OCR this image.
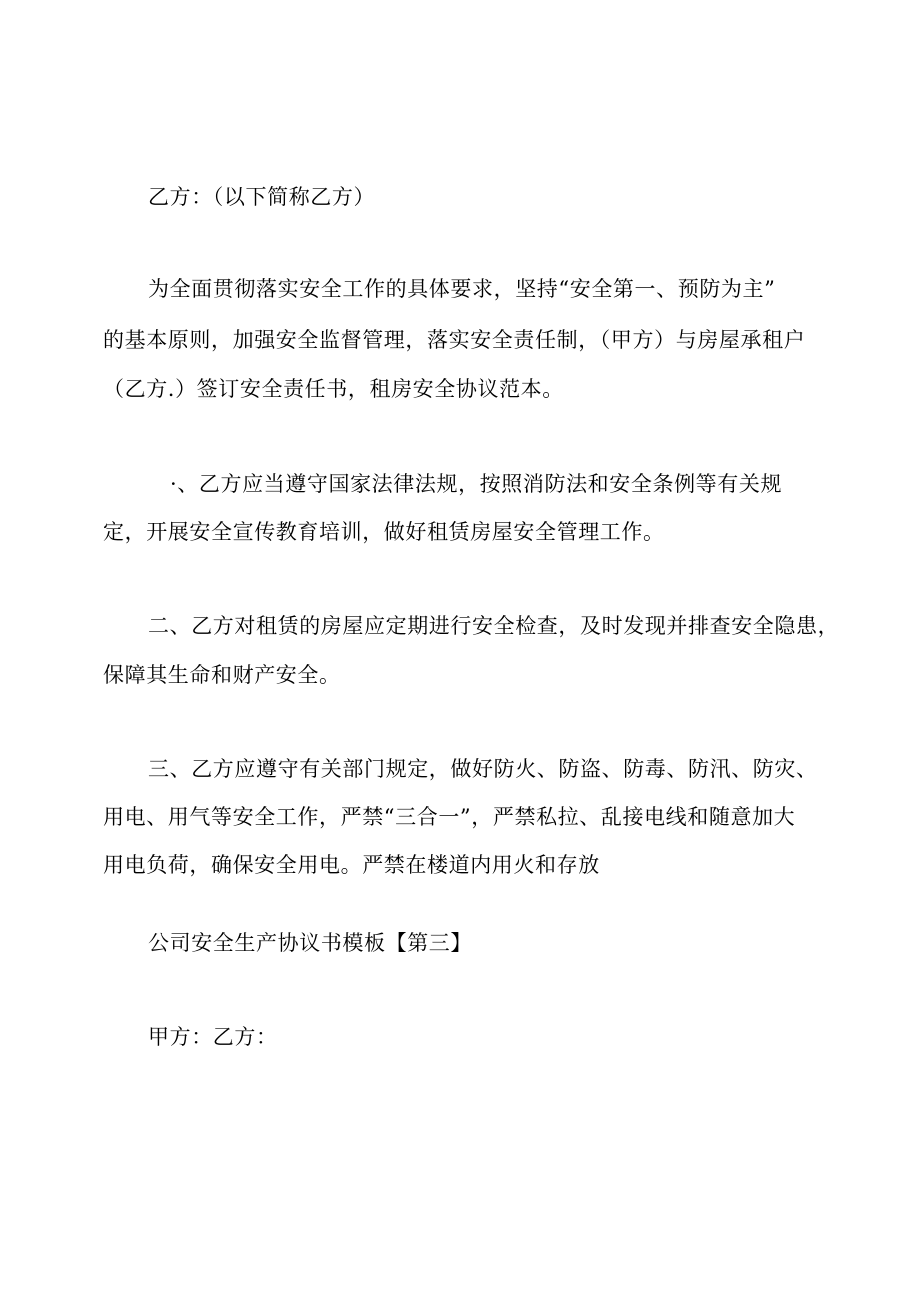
乙方：（以下简称乙方）

为全面贯彻落实安全工作的具体要求，坚持“安全第一、预防为主”

的基本原则，加强安全监督管理，落实安全责任制，（甲方）与房屋承租户

（乙方.）签订安全责任书，租房安全协议范本。

·、乙方应当遵守国家法律法规，按照消防法和安全条例等有关规

定，开展安全宣传教育培训，做好租赁房屋安全管理工作。

二、乙方对租赁的房屋应定期进行安全检查，及时发现并排查安全隐患，

保障其生命和财产安全。

三、乙方应遵守有关部门规定，做好防火、防盗、防毒、防汛、防灾、

用电、用气等安全工作，严禁“三合一”，严禁私拉、乱接电线和随意加大

用电负荷，确保安全用电。严禁在楼道内用火和存放

公司安全生产协议书模板【第三】

甲方：乙方：
